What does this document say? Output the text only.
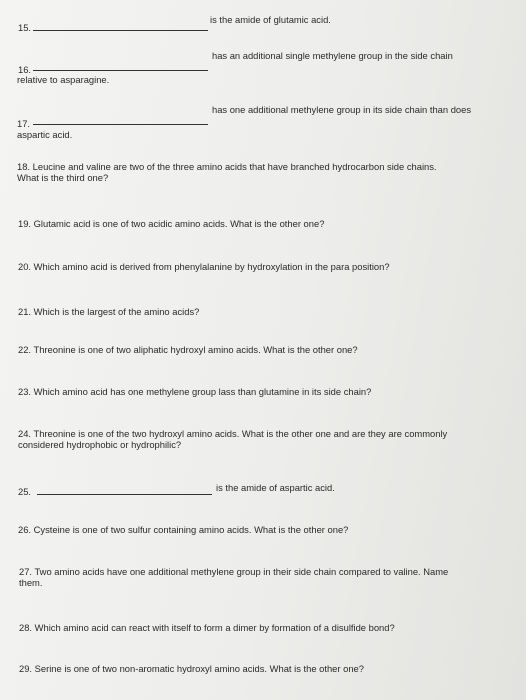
15.
is the amide of glutamic acid.
16.
has an additional single methylene group in the side chain
relative to asparagine.
17.
has one additional methylene group in its side chain than does
aspartic acid.
18. Leucine and valine are two of the three amino acids that have branched hydrocarbon side chains.
What is the third one?
19. Glutamic acid is one of two acidic amino acids. What is the other one?
20. Which amino acid is derived from phenylalanine by hydroxylation in the para position?
21. Which is the largest of the amino acids?
22. Threonine is one of two aliphatic hydroxyl amino acids. What is the other one?
23. Which amino acid has one methylene group lass than glutamine in its side chain?
24. Threonine is one of the two hydroxyl amino acids. What is the other one and are they are commonly
considered hydrophobic or hydrophilic?
25.	is the amide of aspartic acid.
26. Cysteine is one of two sulfur containing amino acids. What is the other one?
27. Two amino acids have one additional methylene group in their side chain compared to valine. Name
them.
28. Which amino acid can react with itself to form a dimer by formation of a disulfide bond?
29. Serine is one of two non-aromatic hydroxyl amino acids. What is the other one?
